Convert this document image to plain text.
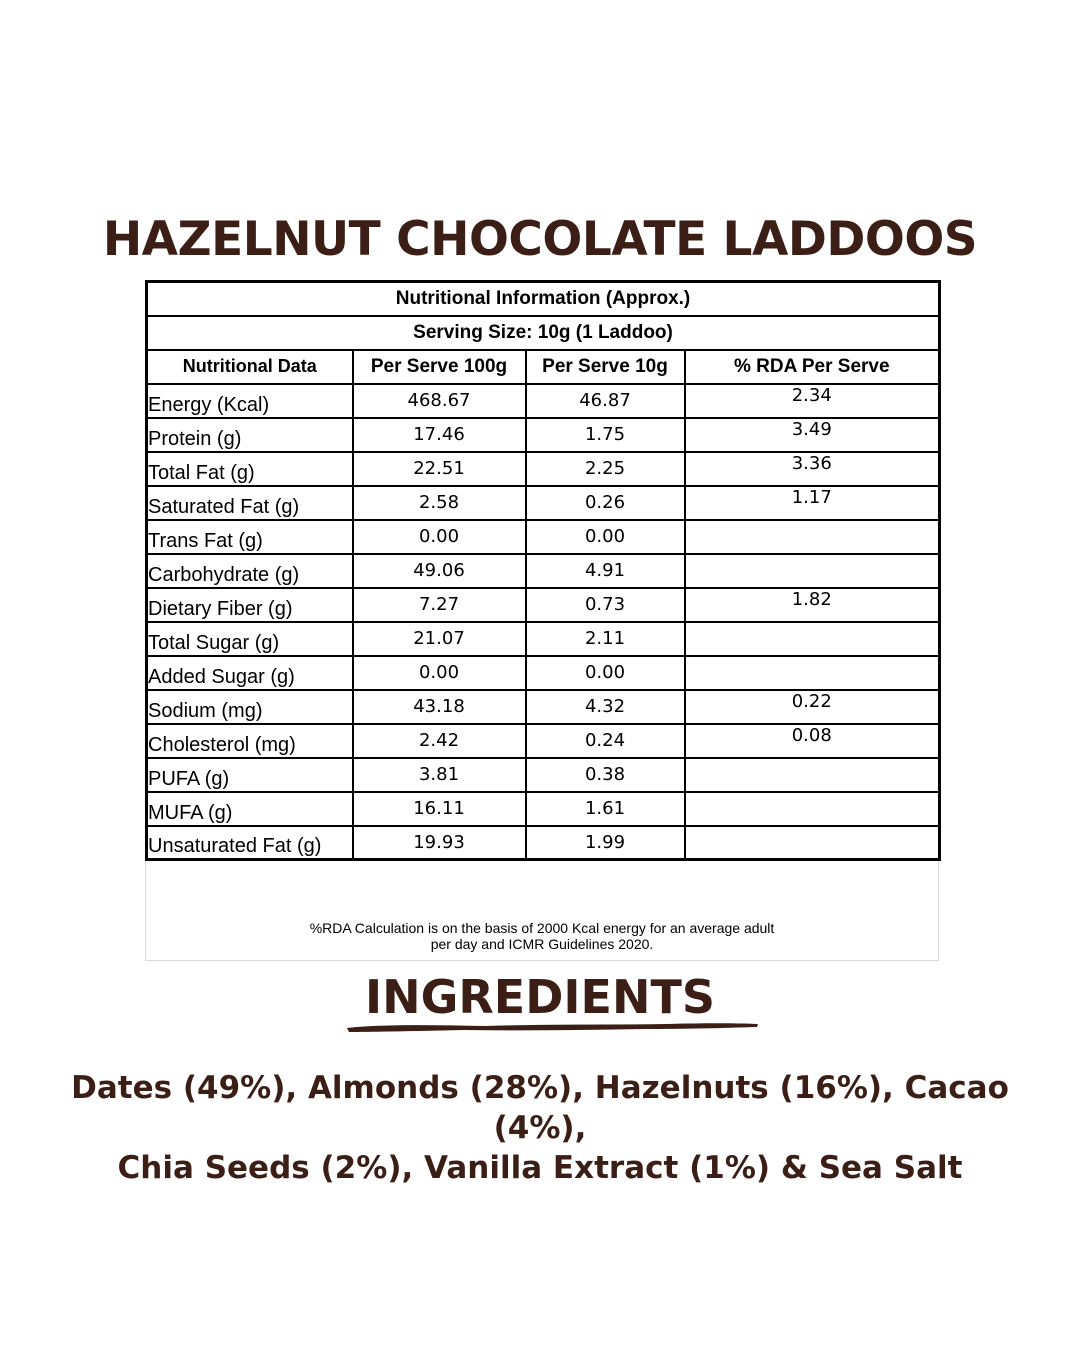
HAZELNUT CHOCOLATE LADDOOS
Nutritional Information (Approx.)			
Serving Size: 10g (1 Laddoo)			
Nutritional Data	Per Serve 100g	Per Serve 10g	% RDA Per Serve
Energy (Kcal)	468.67	46.87	2.34
Protein (g)	17.46	1.75	3.49
Total Fat (g)	22.51	2.25	3.36
Saturated Fat (g)	2.58	0.26	1.17
Trans Fat (g)	0.00	0.00	
Carbohydrate (g)	49.06	4.91	
Dietary Fiber (g)	7.27	0.73	1.82
Total Sugar (g)	21.07	2.11	
Added Sugar (g)	0.00	0.00	
Sodium (mg)	43.18	4.32	0.22
Cholesterol (mg)	2.42	0.24	0.08
PUFA (g)	3.81	0.38	
MUFA (g)	16.11	1.61	
Unsaturated Fat (g)	19.93	1.99	

%RDA Calculation is on the basis of 2000 Kcal energy for an average adult
per day and ICMR Guidelines 2020.

INGREDIENTS

Dates (49%), Almonds (28%), Hazelnuts (16%), Cacao (4%),
Chia Seeds (2%), Vanilla Extract (1%) & Sea Salt
